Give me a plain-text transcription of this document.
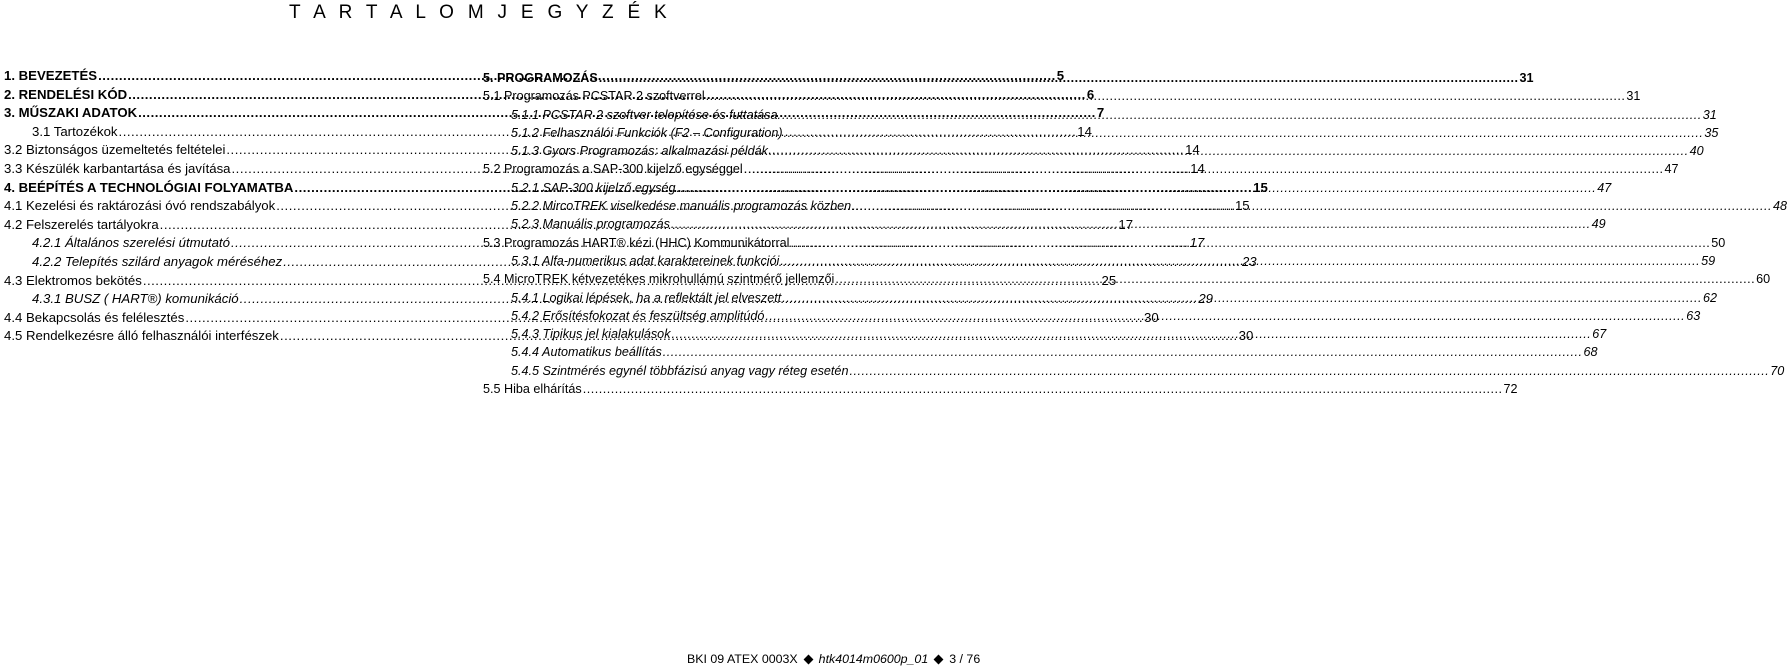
T A R T A L O M J E G Y Z É K
1. BEVEZETÉS .....	5
2. RENDELÉSI KÓD .....	6
3. MŰSZAKI ADATOK .....	7
3.1 Tartozékok .....	14
3.2 Biztonságos üzemeltetés feltételei .....	14
3.3 Készülék karbantartása és javítása .....	14
4. BEÉPÍTÉS A TECHNOLÓGIAI FOLYAMATBA .....	15
4.1 Kezelési és raktározási óvó rendszabályok .....	15
4.2 Felszerelés tartályokra .....	17
4.2.1 Általános szerelési útmutató .....	17
4.2.2 Telepítés szilárd anyagok méréséhez .....	23
4.3 Elektromos bekötés .....	25
4.3.1 BUSZ ( HART®) komunikáció .....	29
4.4 Bekapcsolás és felélesztés .....	30
4.5 Rendelkezésre álló felhasználói interfészek .....	30
5. PROGRAMOZÁS .....	31
5.1 Programozás PCSTAR 2 szoftverrel .....	31
5.1.1 PCSTAR 2 szoftver telepítése és futtatása. .....	31
5.1.2 Felhasználói Funkciók (F2 – Configuration) .....	35
5.1.3 Gyors Programozás: alkalmazási példák .....	40
5.2 Programozás a SAP-300 kijelző egységgel .....	47
5.2.1 SAP-300 kijelző egység .....	47
5.2.2 MircoTREK viselkedése manuális programozás közben .....	48
5.2.3 Manuális programozás .....	49
5.3 Programozás HART® kézi (HHC) Kommunikátorral .....	50
5.3.1 Alfa-numerikus adat karaktereinek funkciói .....	59
5.4 MicroTREK kétvezetékes mikrohullámú szintmérő jellemzői .....	60
5.4.1 Logikai lépések, ha a reflektált jel elveszett .....	62
5.4.2 Erősítésfokozat és feszültség amplitúdó .....	63
5.4.3 Tipikus jel kialakulások .....	67
5.4.4 Automatikus beállítás .....	68
5.4.5 Szintmérés egynél többfázisú anyag vagy réteg esetén .....	70
5.5 Hiba elhárítás .....	72
BKI 09 ATEX 0003X htk4014m0600p_01 3 / 76
